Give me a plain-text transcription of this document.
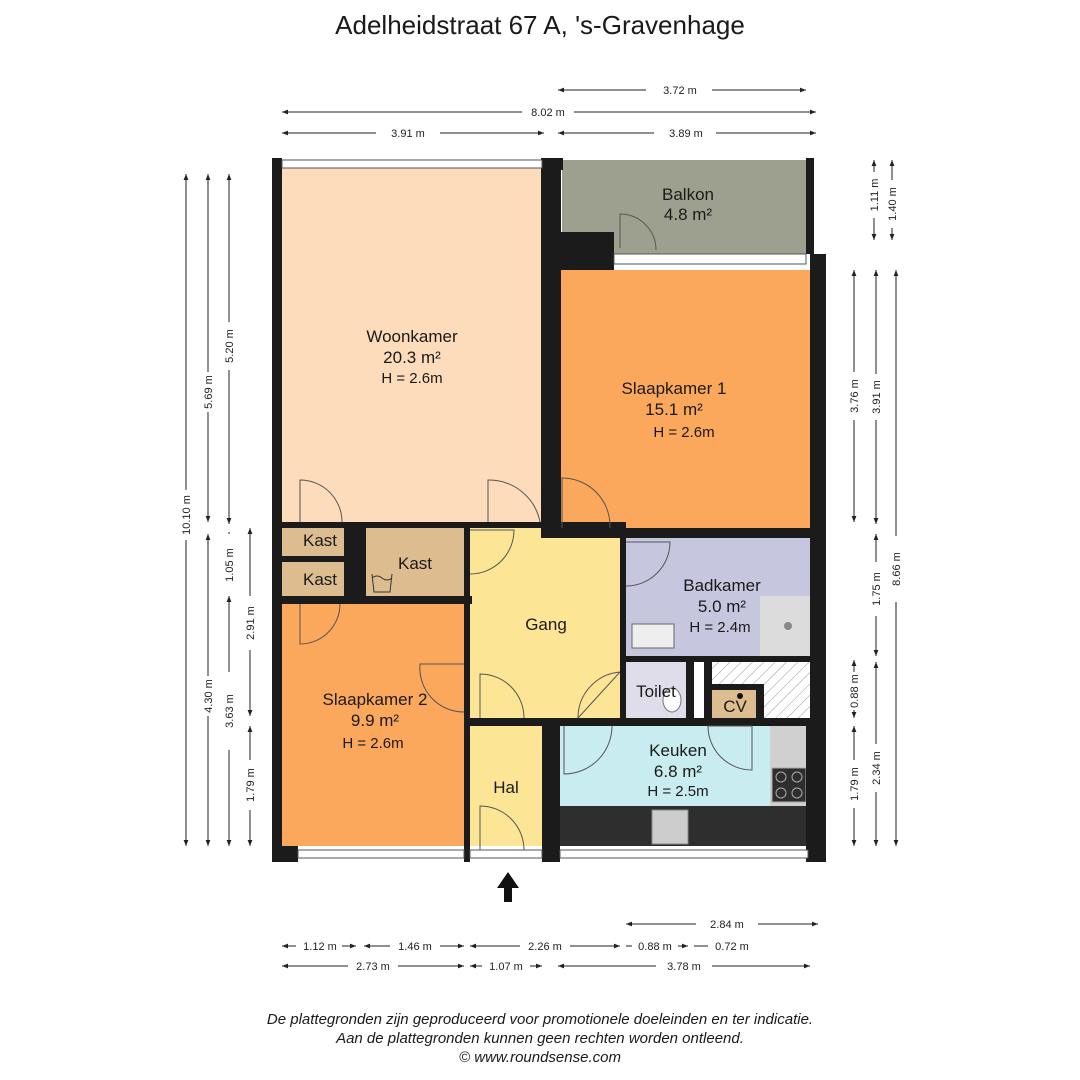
Adelheidstraat 67 A, 's-Gravenhage
Woonkamer
20.3 m²
H = 2.6m
Balkon
4.8 m²
Slaapkamer 1
15.1 m²
H = 2.6m
Kast
Kast
Kast
Gang
Badkamer
5.0 m²
H = 2.4m
Slaapkamer 2
9.9 m²
H = 2.6m
Toilet
CV
Keuken
6.8 m²
H = 2.5m
Hal
3.72 m
8.02 m
3.91 m	3.89 m
10.10 m
5.69 m
5.20 m
1.05 m
2.91 m
4.30 m 3.63 m
1.79 m
1.11 m 1.40 m
3.76 m 3.91 m
8.66 m
1.75 m
0.88 m
1.79 m 2.34 m
2.84 m
1.12 m	1.46 m	2.26 m	0.88 m	0.72 m
2.73 m	1.07 m	3.78 m
De plattegronden zijn geproduceerd voor promotionele doeleinden en ter indicatie.
Aan de plattegronden kunnen geen rechten worden ontleend.
© www.roundsense.com
